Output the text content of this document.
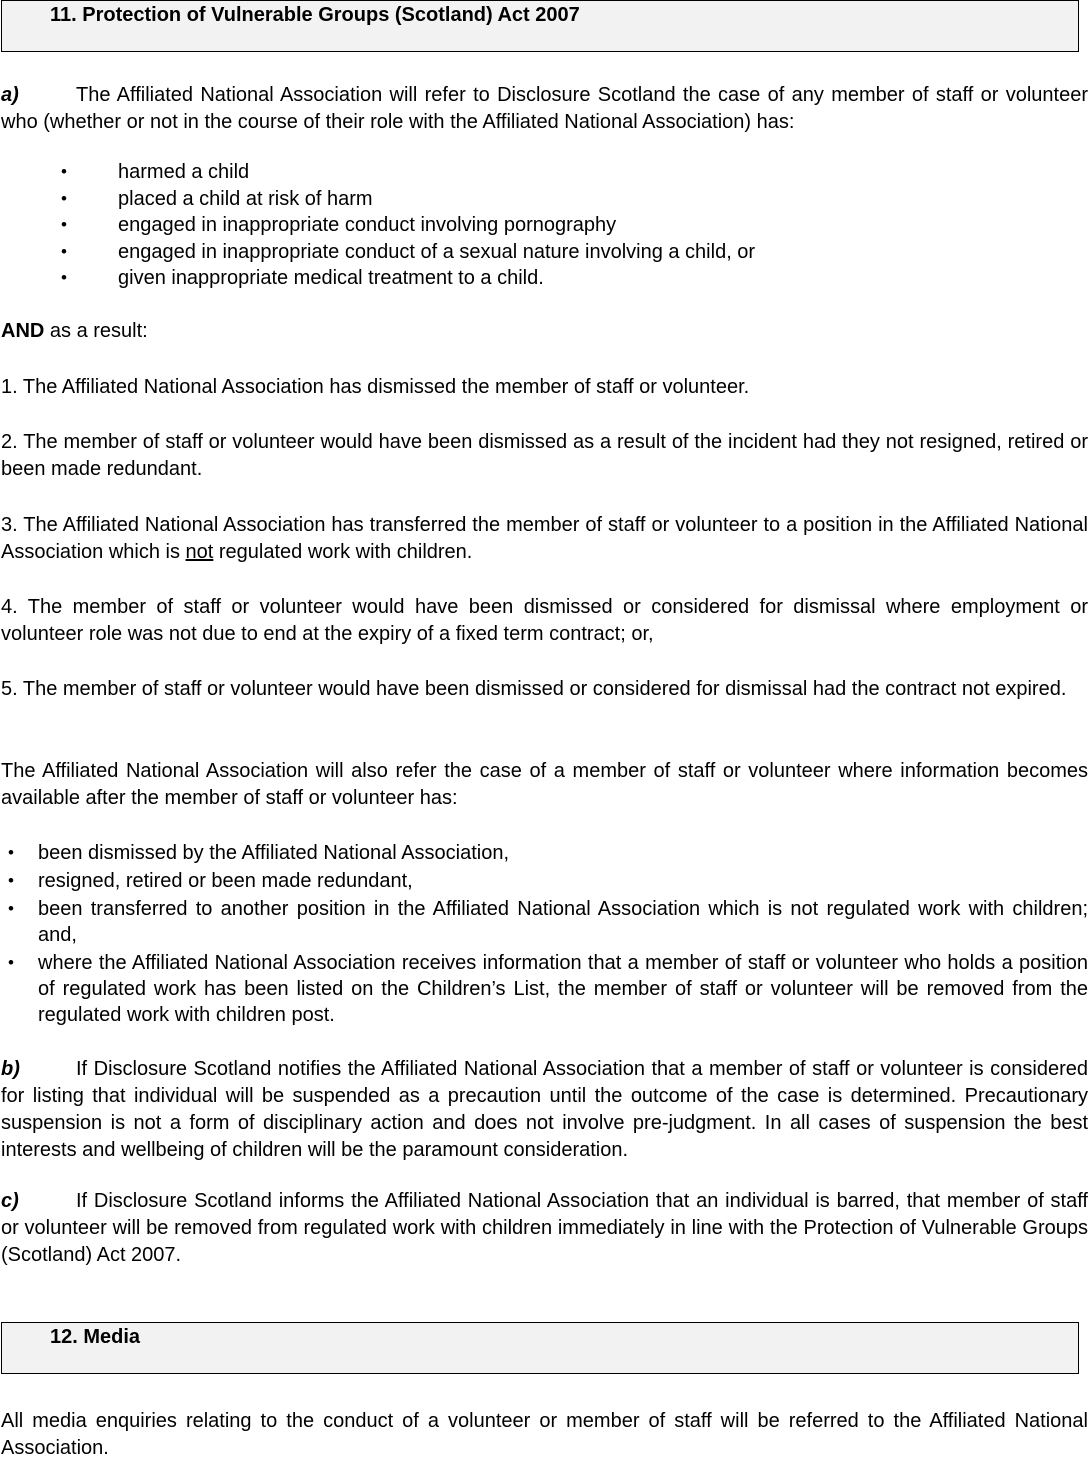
11. Protection of Vulnerable Groups (Scotland) Act 2007

a)	The Affiliated National Association will refer to Disclosure Scotland the case of any member of staff or volunteer who (whether or not in the course of their role with the Affiliated National Association) has:

•	harmed a child
•	placed a child at risk of harm
•	engaged in inappropriate conduct involving pornography
•	engaged in inappropriate conduct of a sexual nature involving a child, or
•	given inappropriate medical treatment to a child.

AND as a result:

1. The Affiliated National Association has dismissed the member of staff or volunteer.

2. The member of staff or volunteer would have been dismissed as a result of the incident had they not resigned, retired or been made redundant.

3. The Affiliated National Association has transferred the member of staff or volunteer to a position in the Affiliated National Association which is not regulated work with children.

4. The member of staff or volunteer would have been dismissed or considered for dismissal where employment or volunteer role was not due to end at the expiry of a fixed term contract; or,

5. The member of staff or volunteer would have been dismissed or considered for dismissal had the contract not expired.

The Affiliated National Association will also refer the case of a member of staff or volunteer where information becomes available after the member of staff or volunteer has:

• been dismissed by the Affiliated National Association,
• resigned, retired or been made redundant,
• been transferred to another position in the Affiliated National Association which is not regulated work with children; and,
• where the Affiliated National Association receives information that a member of staff or volunteer who holds a position of regulated work has been listed on the Children’s List, the member of staff or volunteer will be removed from the regulated work with children post.

b)	If Disclosure Scotland notifies the Affiliated National Association that a member of staff or volunteer is considered for listing that individual will be suspended as a precaution until the outcome of the case is determined. Precautionary suspension is not a form of disciplinary action and does not involve pre-judgment. In all cases of suspension the best interests and wellbeing of children will be the paramount consideration.

c)	If Disclosure Scotland informs the Affiliated National Association that an individual is barred, that member of staff or volunteer will be removed from regulated work with children immediately in line with the Protection of Vulnerable Groups (Scotland) Act 2007.

12. Media

All media enquiries relating to the conduct of a volunteer or member of staff will be referred to the Affiliated National Association.
